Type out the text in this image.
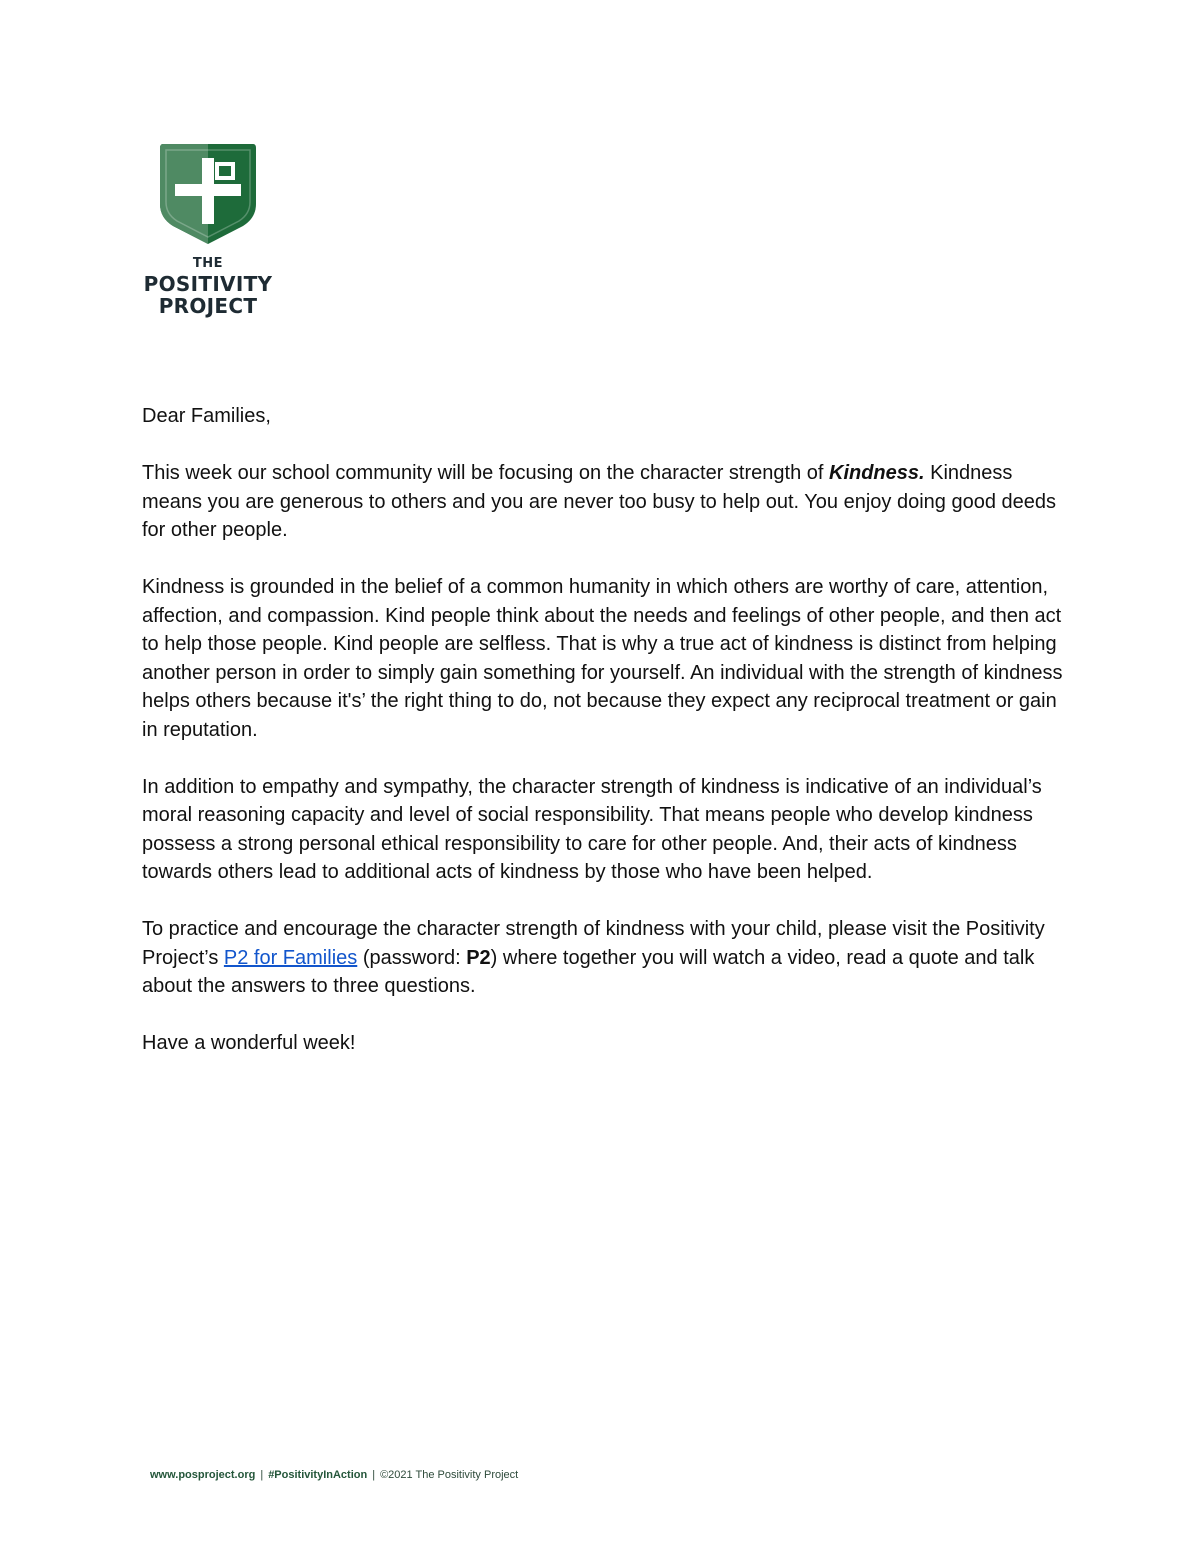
THE
POSITIVITY
PROJECT

Dear Families,

This week our school community will be focusing on the character strength of Kindness. Kindness means you are generous to others and you are never too busy to help out. You enjoy doing good deeds for other people.

Kindness is grounded in the belief of a common humanity in which others are worthy of care, attention, affection, and compassion. Kind people think about the needs and feelings of other people, and then act to help those people. Kind people are selfless. That is why a true act of kindness is distinct from helping another person in order to simply gain something for yourself. An individual with the strength of kindness helps others because it's’ the right thing to do, not because they expect any reciprocal treatment or gain in reputation.

In addition to empathy and sympathy, the character strength of kindness is indicative of an individual’s moral reasoning capacity and level of social responsibility. That means people who develop kindness possess a strong personal ethical responsibility to care for other people. And, their acts of kindness towards others lead to additional acts of kindness by those who have been helped.

To practice and encourage the character strength of kindness with your child, please visit the Positivity Project’s P2 for Families (password: P2) where together you will watch a video, read a quote and talk about the answers to three questions.

Have a wonderful week!

www.posproject.org | #PositivityInAction | ©2021 The Positivity Project
